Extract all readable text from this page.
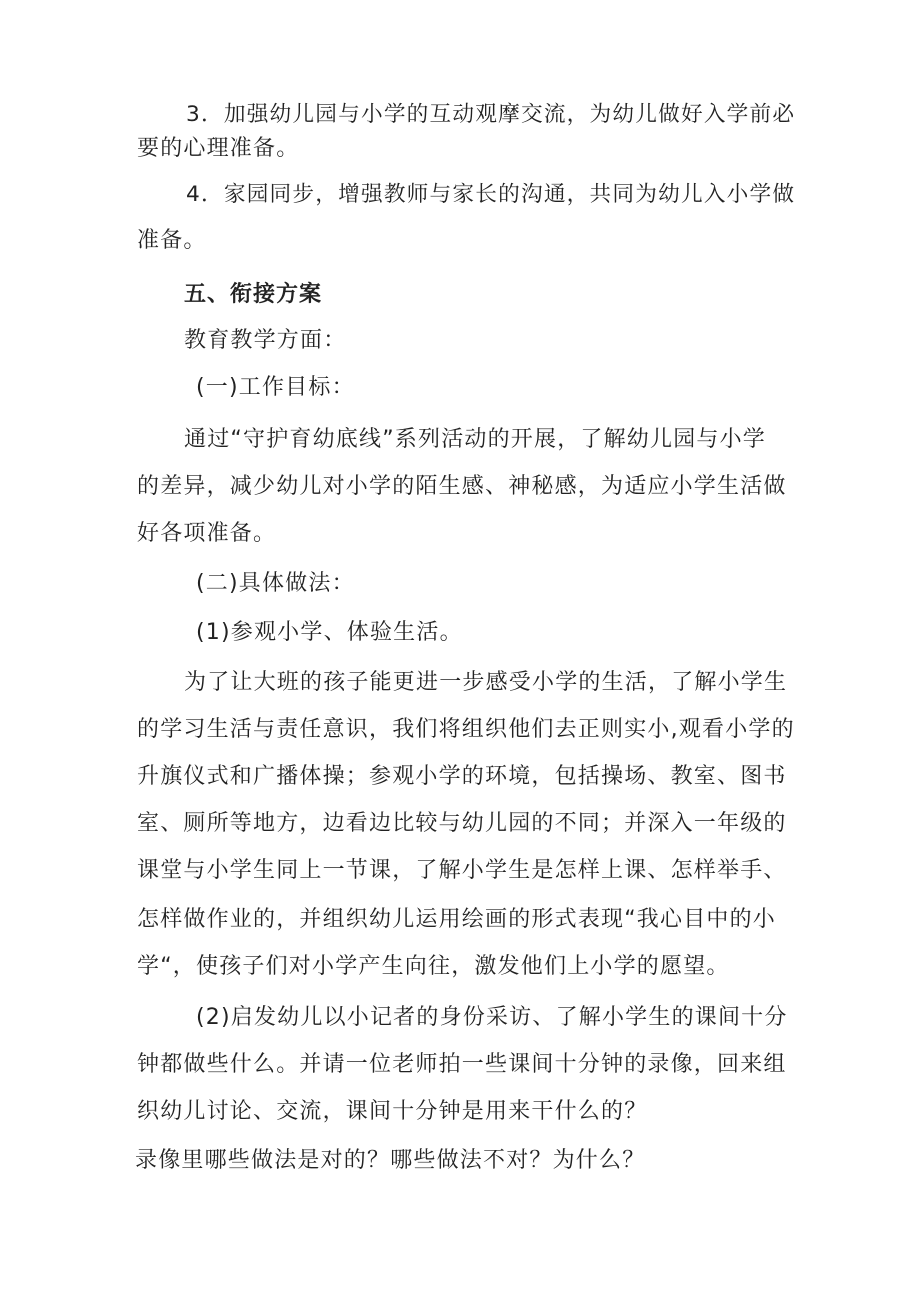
3．加强幼儿园与小学的互动观摩交流，为幼儿做好入学前必
要的心理准备。
4．家园同步，增强教师与家长的沟通，共同为幼儿入小学做
准备。
五、衔接方案
教育教学方面：
(一)工作目标：
通过“守护育幼底线”系列活动的开展，了解幼儿园与小学
的差异，减少幼儿对小学的陌生感、神秘感，为适应小学生活做
好各项准备。
(二)具体做法：
(1)参观小学、体验生活。
为了让大班的孩子能更进一步感受小学的生活，了解小学生
的学习生活与责任意识，我们将组织他们去正则实小,观看小学的
升旗仪式和广播体操；参观小学的环境，包括操场、教室、图书
室、厕所等地方，边看边比较与幼儿园的不同；并深入一年级的
课堂与小学生同上一节课，了解小学生是怎样上课、怎样举手、
怎样做作业的，并组织幼儿运用绘画的形式表现“我心目中的小
学“，使孩子们对小学产生向往，激发他们上小学的愿望。
(2)启发幼儿以小记者的身份采访、了解小学生的课间十分
钟都做些什么。并请一位老师拍一些课间十分钟的录像，回来组
织幼儿讨论、交流，课间十分钟是用来干什么的？
录像里哪些做法是对的？哪些做法不对？为什么？
